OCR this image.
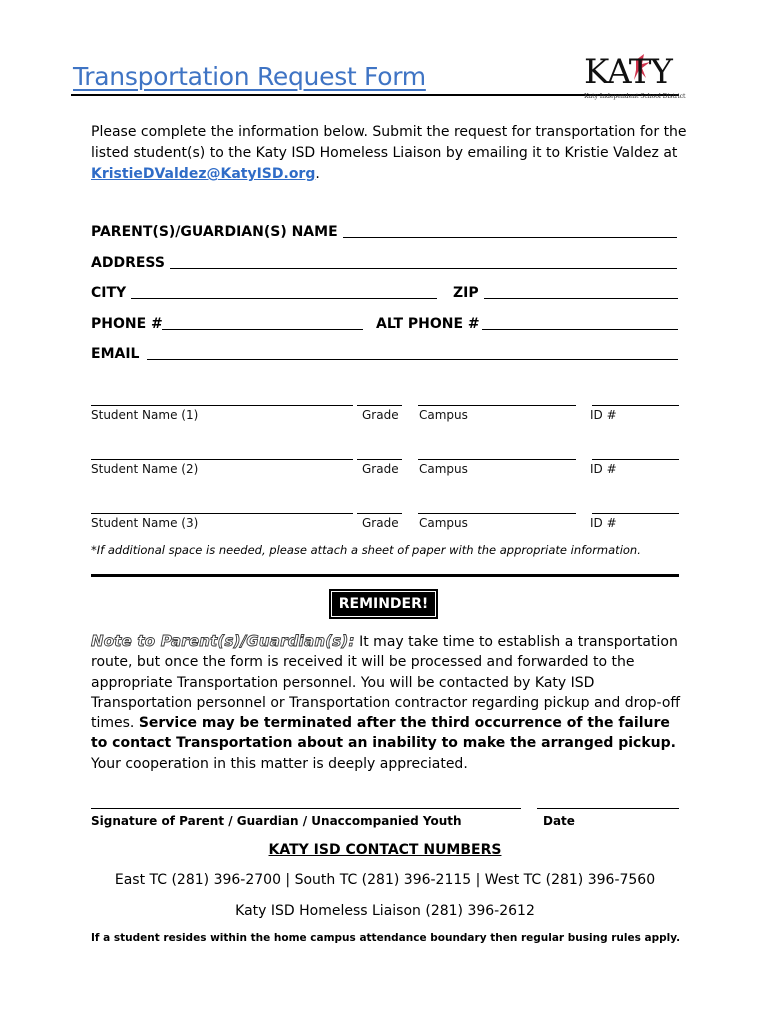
Transportation Request Form	KATY
Katy Independent School District
Please complete the information below. Submit the request for transportation for the listed student(s) to the Katy ISD Homeless Liaison by emailing it to Kristie Valdez at KristieDValdez@KatyISD.org.
PARENT(S)/GUARDIAN(S) NAME
ADDRESS
CITY	ZIP
PHONE #	ALT PHONE #
EMAIL
Student Name (1)	Grade Campus	ID #
Student Name (2)	Grade Campus	ID #
Student Name (3)	Grade Campus	ID #
*If additional space is needed, please attach a sheet of paper with the appropriate information.
REMINDER!
Note to Parent(s)/Guardian(s): It may take time to establish a transportation route, but once the form is received it will be processed and forwarded to the appropriate Transportation personnel. You will be contacted by Katy ISD Transportation personnel or Transportation contractor regarding pickup and drop-off times. Service may be terminated after the third occurrence of the failure to contact Transportation about an inability to make the arranged pickup. Your cooperation in this matter is deeply appreciated.
Signature of Parent / Guardian / Unaccompanied Youth	Date
KATY ISD CONTACT NUMBERS
East TC (281) 396-2700 | South TC (281) 396-2115 | West TC (281) 396-7560
Katy ISD Homeless Liaison (281) 396-2612
If a student resides within the home campus attendance boundary then regular busing rules apply.
